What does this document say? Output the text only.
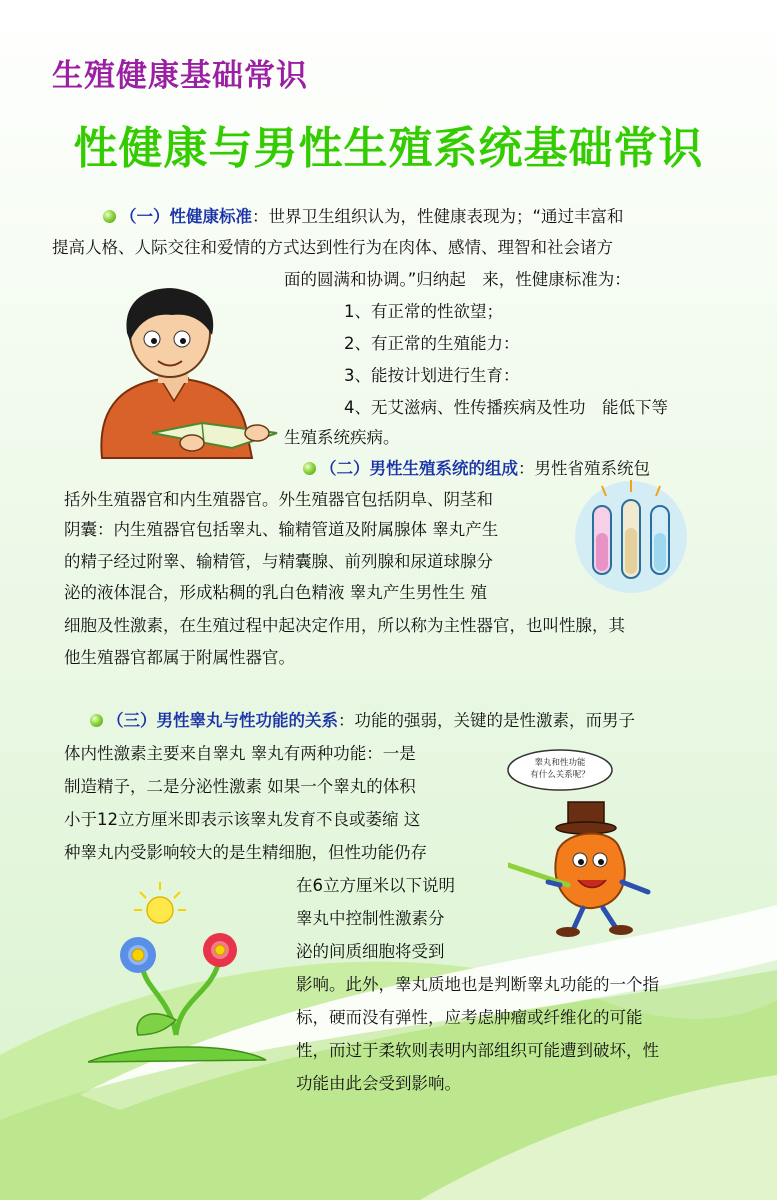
生殖健康基础常识
性健康与男性生殖系统基础常识

（一）性健康标准：世界卫生组织认为，性健康表现为；“通过丰富和

提高人格、人际交往和爱情的方式达到性行为在肉体、感情、理智和社会诸方

面的圆满和协调。”归纳起　来，性健康标准为：

1、有正常的性欲望；

2、有正常的生殖能力：

3、能按计划进行生育：

4、无艾滋病、性传播疾病及性功　能低下等

生殖系统疾病。

（二）男性生殖系统的组成：男性省殖系统包

括外生殖器官和内生殖器官。外生殖器官包括阴阜、阴茎和

阴囊：内生殖器官包括睾丸、输精管道及附属腺体 睾丸产生

的精子经过附睾、输精管，与精囊腺、前列腺和尿道球腺分

泌的液体混合，形成粘稠的乳白色精液 睾丸产生男性生 殖

细胞及性激素，在生殖过程中起决定作用，所以称为主性器官，也叫性腺，其

他生殖器官都属于附属性器官。

（三）男性睾丸与性功能的关系：功能的强弱，关键的是性激素，而男子

体内性激素主要来自睾丸 睾丸有两种功能：一是

制造精子，二是分泌性激素 如果一个睾丸的体积

小于12立方厘米即表示该睾丸发育不良或萎缩 这

种睾丸内受影响较大的是生精细胞，但性功能仍存

在6立方厘米以下说明

睾丸中控制性激素分

泌的间质细胞将受到

影响。此外，睾丸质地也是判断睾丸功能的一个指

标，硬而没有弹性，应考虑肿瘤或纤维化的可能

性，而过于柔软则表明内部组织可能遭到破坏，性

功能由此会受到影响。

睾丸和性功能
有什么关系呢？
